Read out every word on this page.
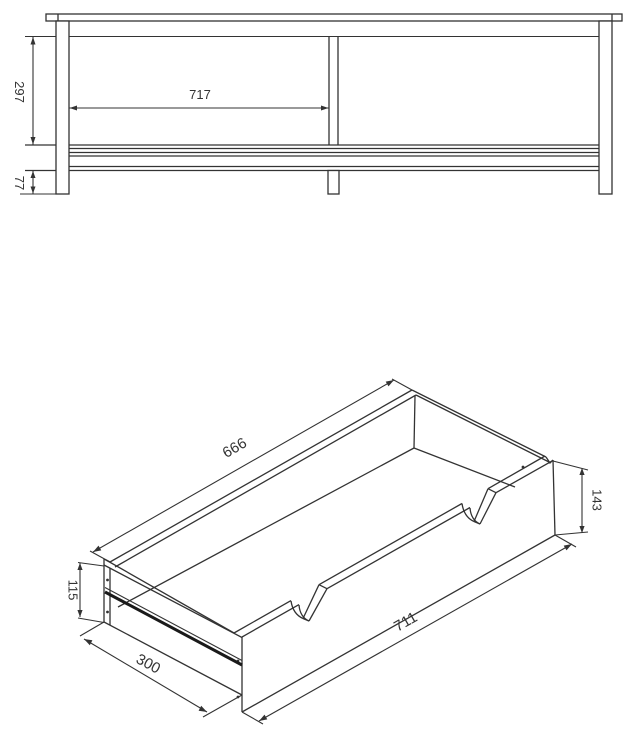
297
77
717
666
711
143
115
300
